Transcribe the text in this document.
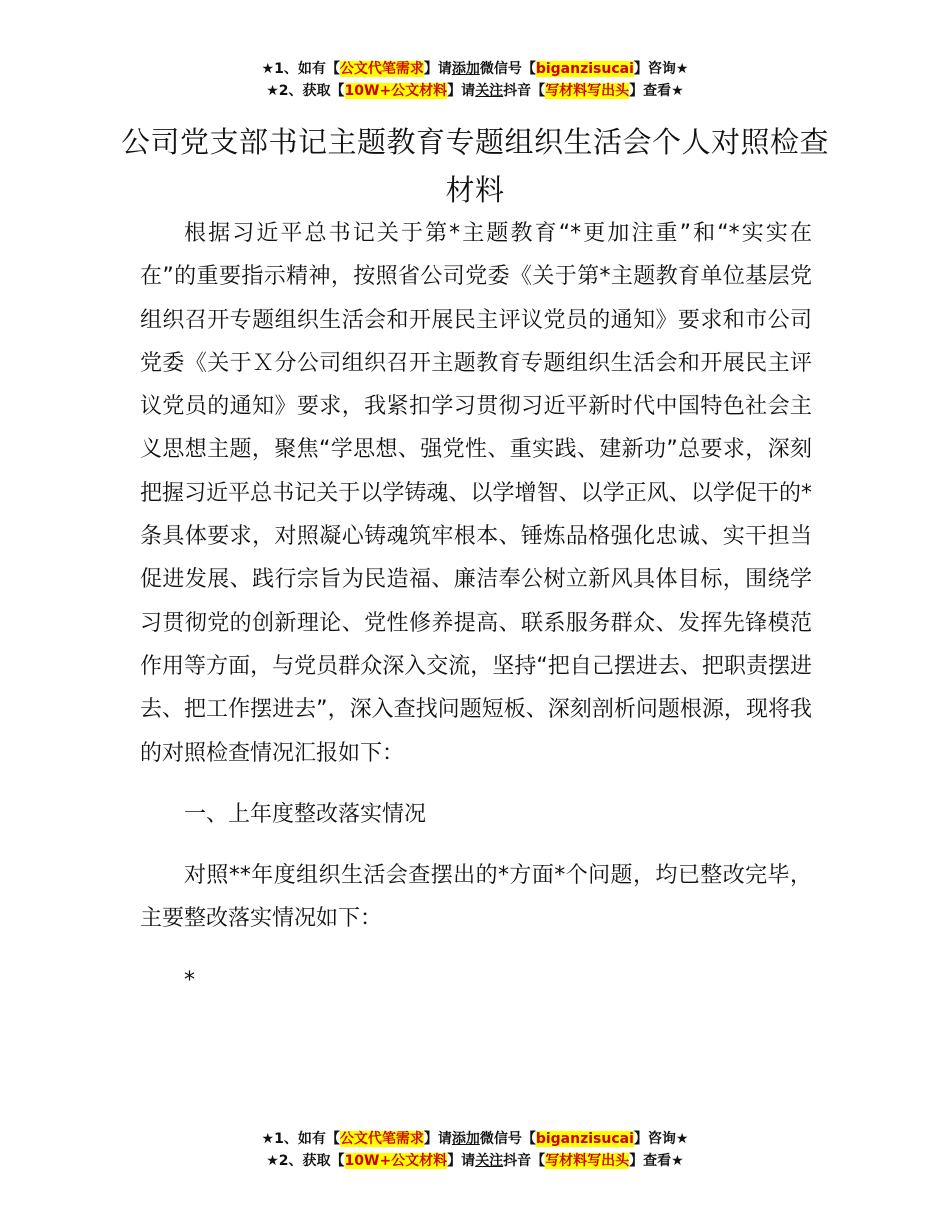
★1、如有【公文代笔需求】请添加微信号【biganzisucai】咨询★
★2、获取【10W+公文材料】请关注抖音【写材料写出头】查看★
公司党支部书记主题教育专题组织生活会个人对照检查材料

根据习近平总书记关于第*主题教育“*更加注重”和“*实实在在”的重要指示精神，按照省公司党委《关于第*主题教育单位基层党组织召开专题组织生活会和开展民主评议党员的通知》要求和市公司党委《关于Ｘ分公司组织召开主题教育专题组织生活会和开展民主评议党员的通知》要求，我紧扣学习贯彻习近平新时代中国特色社会主义思想主题，聚焦“学思想、强党性、重实践、建新功”总要求，深刻把握习近平总书记关于以学铸魂、以学增智、以学正风、以学促干的*条具体要求，对照凝心铸魂筑牢根本、锤炼品格强化忠诚、实干担当促进发展、践行宗旨为民造福、廉洁奉公树立新风具体目标，围绕学习贯彻党的创新理论、党性修养提高、联系服务群众、发挥先锋模范作用等方面，与党员群众深入交流，坚持“把自己摆进去、把职责摆进去、把工作摆进去”，深入查找问题短板、深刻剖析问题根源，现将我的对照检查情况汇报如下：

一、上年度整改落实情况

对照**年度组织生活会查摆出的*方面*个问题，均已整改完毕，主要整改落实情况如下：

*

★1、如有【公文代笔需求】请添加微信号【biganzisucai】咨询★
★2、获取【10W+公文材料】请关注抖音【写材料写出头】查看★
